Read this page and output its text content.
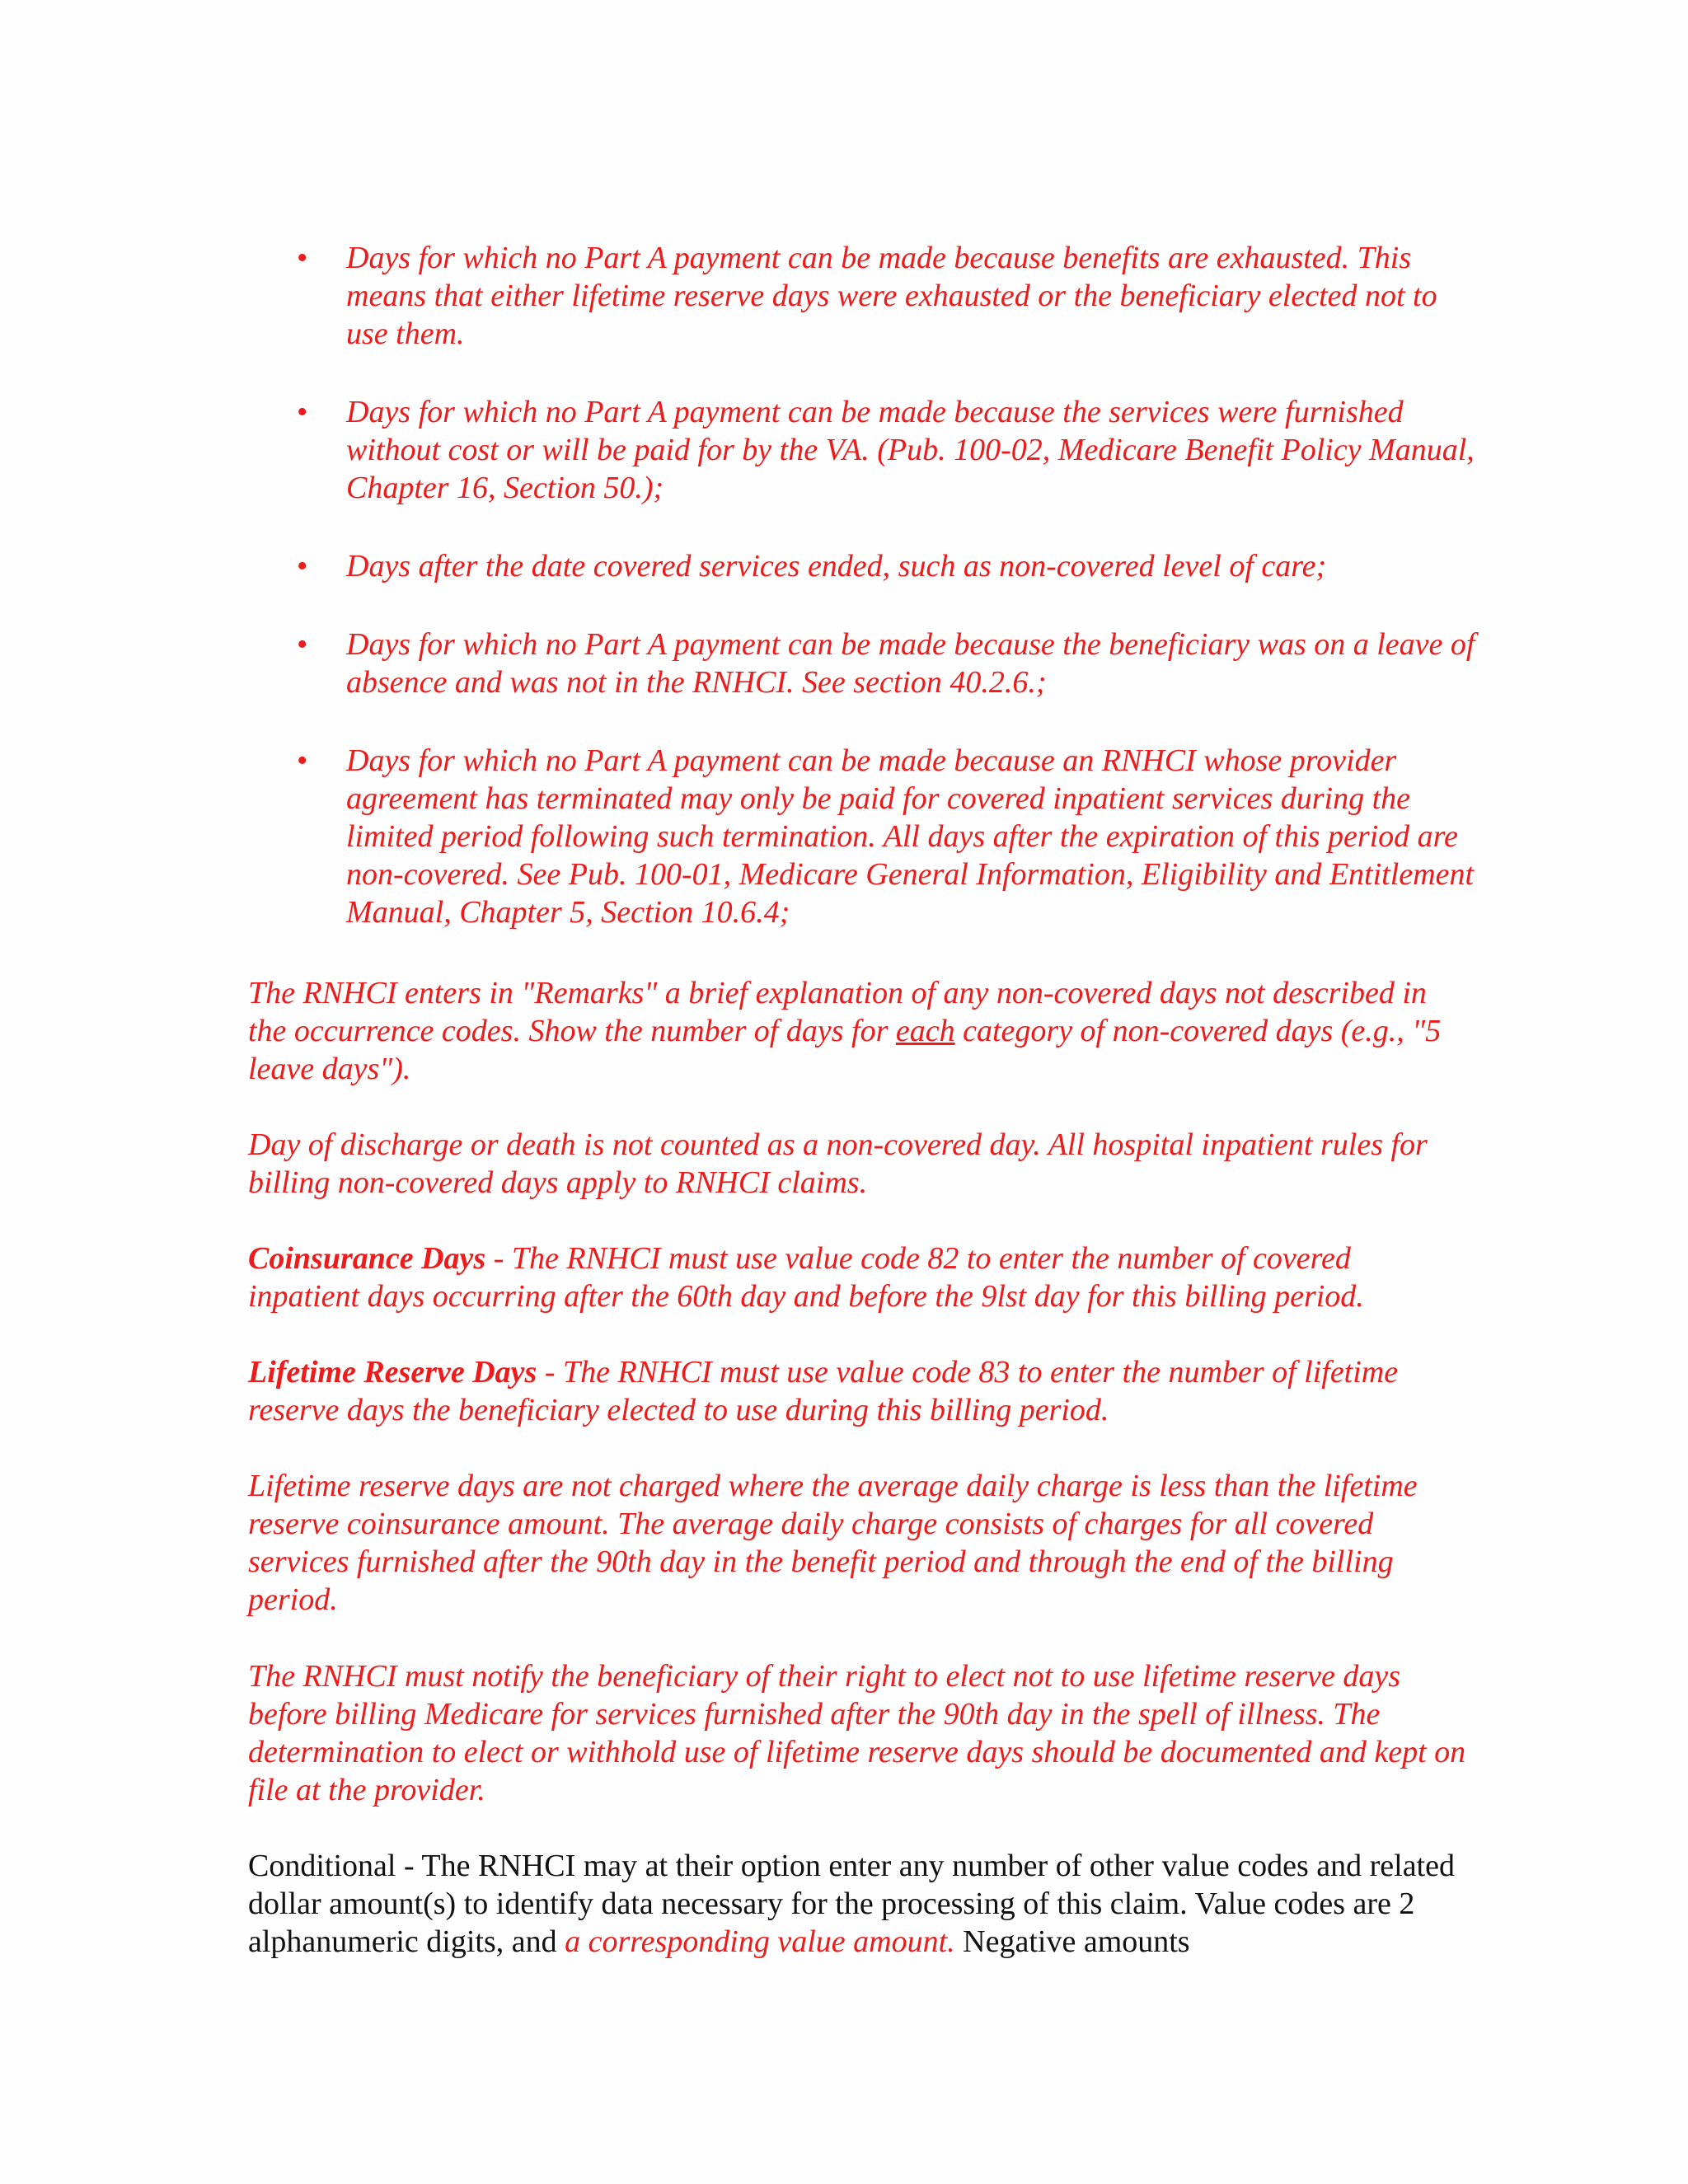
• Days for which no Part A payment can be made because benefits are exhausted. This means that either lifetime reserve days were exhausted or the beneficiary elected not to use them.
• Days for which no Part A payment can be made because the services were furnished without cost or will be paid for by the VA. (Pub. 100-02, Medicare Benefit Policy Manual, Chapter 16, Section 50.);
• Days after the date covered services ended, such as non-covered level of care;
• Days for which no Part A payment can be made because the beneficiary was on a leave of absence and was not in the RNHCI. See section 40.2.6.;
• Days for which no Part A payment can be made because an RNHCI whose provider agreement has terminated may only be paid for covered inpatient services during the limited period following such termination. All days after the expiration of this period are non-covered. See Pub. 100-01, Medicare General Information, Eligibility and Entitlement Manual, Chapter 5, Section 10.6.4;

The RNHCI enters in "Remarks" a brief explanation of any non-covered days not described in the occurrence codes. Show the number of days for each category of non-covered days (e.g., "5 leave days").

Day of discharge or death is not counted as a non-covered day. All hospital inpatient rules for billing non-covered days apply to RNHCI claims.

Coinsurance Days - The RNHCI must use value code 82 to enter the number of covered inpatient days occurring after the 60th day and before the 9lst day for this billing period.

Lifetime Reserve Days - The RNHCI must use value code 83 to enter the number of lifetime reserve days the beneficiary elected to use during this billing period.

Lifetime reserve days are not charged where the average daily charge is less than the lifetime reserve coinsurance amount. The average daily charge consists of charges for all covered services furnished after the 90th day in the benefit period and through the end of the billing period.

The RNHCI must notify the beneficiary of their right to elect not to use lifetime reserve days before billing Medicare for services furnished after the 90th day in the spell of illness. The determination to elect or withhold use of lifetime reserve days should be documented and kept on file at the provider.

Conditional - The RNHCI may at their option enter any number of other value codes and related dollar amount(s) to identify data necessary for the processing of this claim. Value codes are 2 alphanumeric digits, and a corresponding value amount. Negative amounts
